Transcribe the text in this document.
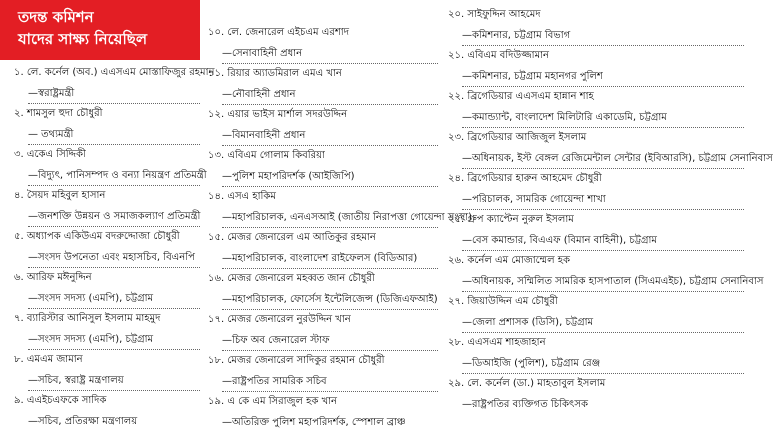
তদন্ত কমিশন
যাদের সাক্ষ্য নিয়েছিল
১. লে. কর্নেল (অব.) এএসএম মোস্তাফিজুর রহমান
—স্বরাষ্ট্রমন্ত্রী
২. শামসুল হুদা চৌধুরী
— তথ্যমন্ত্রী
৩. একেএ সিদ্দিকী
—বিদ্যুৎ, পানিসম্পদ ও বন্যা নিয়ন্ত্রণ প্রতিমন্ত্রী
৪. সৈয়দ মহিবুল হাসান
—জনশক্তি উন্নয়ন ও সমাজকল্যাণ প্রতিমন্ত্রী
৫. অধ্যাপক একিউএম বদরুদ্দোজা চৌধুরী
—সংসদ উপনেতা এবং মহাসচিব, বিএনপি
৬. আরিফ মঈনুদ্দিন
—সংসদ সদস্য (এমপি), চট্টগ্রাম
৭. ব্যারিস্টার আনিসুল ইসলাম মাহমুদ
—সংসদ সদস্য (এমপি), চট্টগ্রাম
৮. এমএম জামান
—সচিব, স্বরাষ্ট্র মন্ত্রণালয়
৯. এএইচএফকে সাদিক
—সচিব, প্রতিরক্ষা মন্ত্রণালয়
১০. লে. জেনারেল এইচএম এরশাদ
—সেনাবাহিনী প্রধান
১১. রিয়ার অ্যাডমিরাল এমএ খান
—নৌবাহিনী প্রধান
১২. এয়ার ভাইস মার্শাল সদরউদ্দিন
—বিমানবাহিনী প্রধান
১৩. এবিএম গোলাম কিবরিয়া
—পুলিশ মহাপরিদর্শক (আইজিপি)
১৪. এসএ হাকিম
—মহাপরিচালক, এনএসআই (জাতীয় নিরাপত্তা গোয়েন্দা সংস্থা)
১৫. মেজর জেনারেল এম আতিকুর রহমান
—মহাপরিচালক, বাংলাদেশ রাইফেলস (বিডিআর)
১৬. মেজর জেনারেল মহব্বত জান চৌধুরী
—মহাপরিচালক, ফোর্সেস ইন্টেলিজেন্স (ডিজিএফআই)
১৭. মেজর জেনারেল নুরউদ্দিন খান
—চিফ অব জেনারেল স্টাফ
১৮. মেজর জেনারেল সাদিকুর রহমান চৌধুরী
—রাষ্ট্রপতির সামরিক সচিব
১৯. এ কে এম সিরাজুল হক খান
—অতিরিক্ত পুলিশ মহাপরিদর্শক, স্পেশাল ব্রাঞ্চ
২০. সাইফুদ্দিন আহমেদ
—কমিশনার, চট্টগ্রাম বিভাগ
২১. এবিএম বদিউজ্জামান
—কমিশনার, চট্টগ্রাম মহানগর পুলিশ
২২. ব্রিগেডিয়ার এএসএম হান্নান শাহ
—কমান্ড্যান্ট, বাংলাদেশ মিলিটারি একাডেমি, চট্টগ্রাম
২৩. ব্রিগেডিয়ার আজিজুল ইসলাম
—অধিনায়ক, ইস্ট বেঙ্গল রেজিমেন্টাল সেন্টার (ইবিআরসি), চট্টগ্রাম সেনানিবাস
২৪. ব্রিগেডিয়ার হারুন আহমেদ চৌধুরী
—পরিচালক, সামরিক গোয়েন্দা শাখা
২৫. গ্রুপ ক্যাপ্টেন নুরুল ইসলাম
—বেস কমান্ডার, বিএএফ (বিমান বাহিনী), চট্টগ্রাম
২৬. কর্নেল এম মোজাম্মেল হক
—অধিনায়ক, সম্মিলিত সামরিক হাসপাতাল (সিএমএইচ), চট্টগ্রাম সেনানিবাস
২৭. জিয়াউদ্দিন এম চৌধুরী
—জেলা প্রশাসক (ডিসি), চট্টগ্রাম
২৮. এএসএম শাহজাহান
—ডিআইজি (পুলিশ), চট্টগ্রাম রেঞ্জ
২৯. লে. কর্নেল (ডা.) মাহতাবুল ইসলাম
—রাষ্ট্রপতির ব্যক্তিগত চিকিৎসক
